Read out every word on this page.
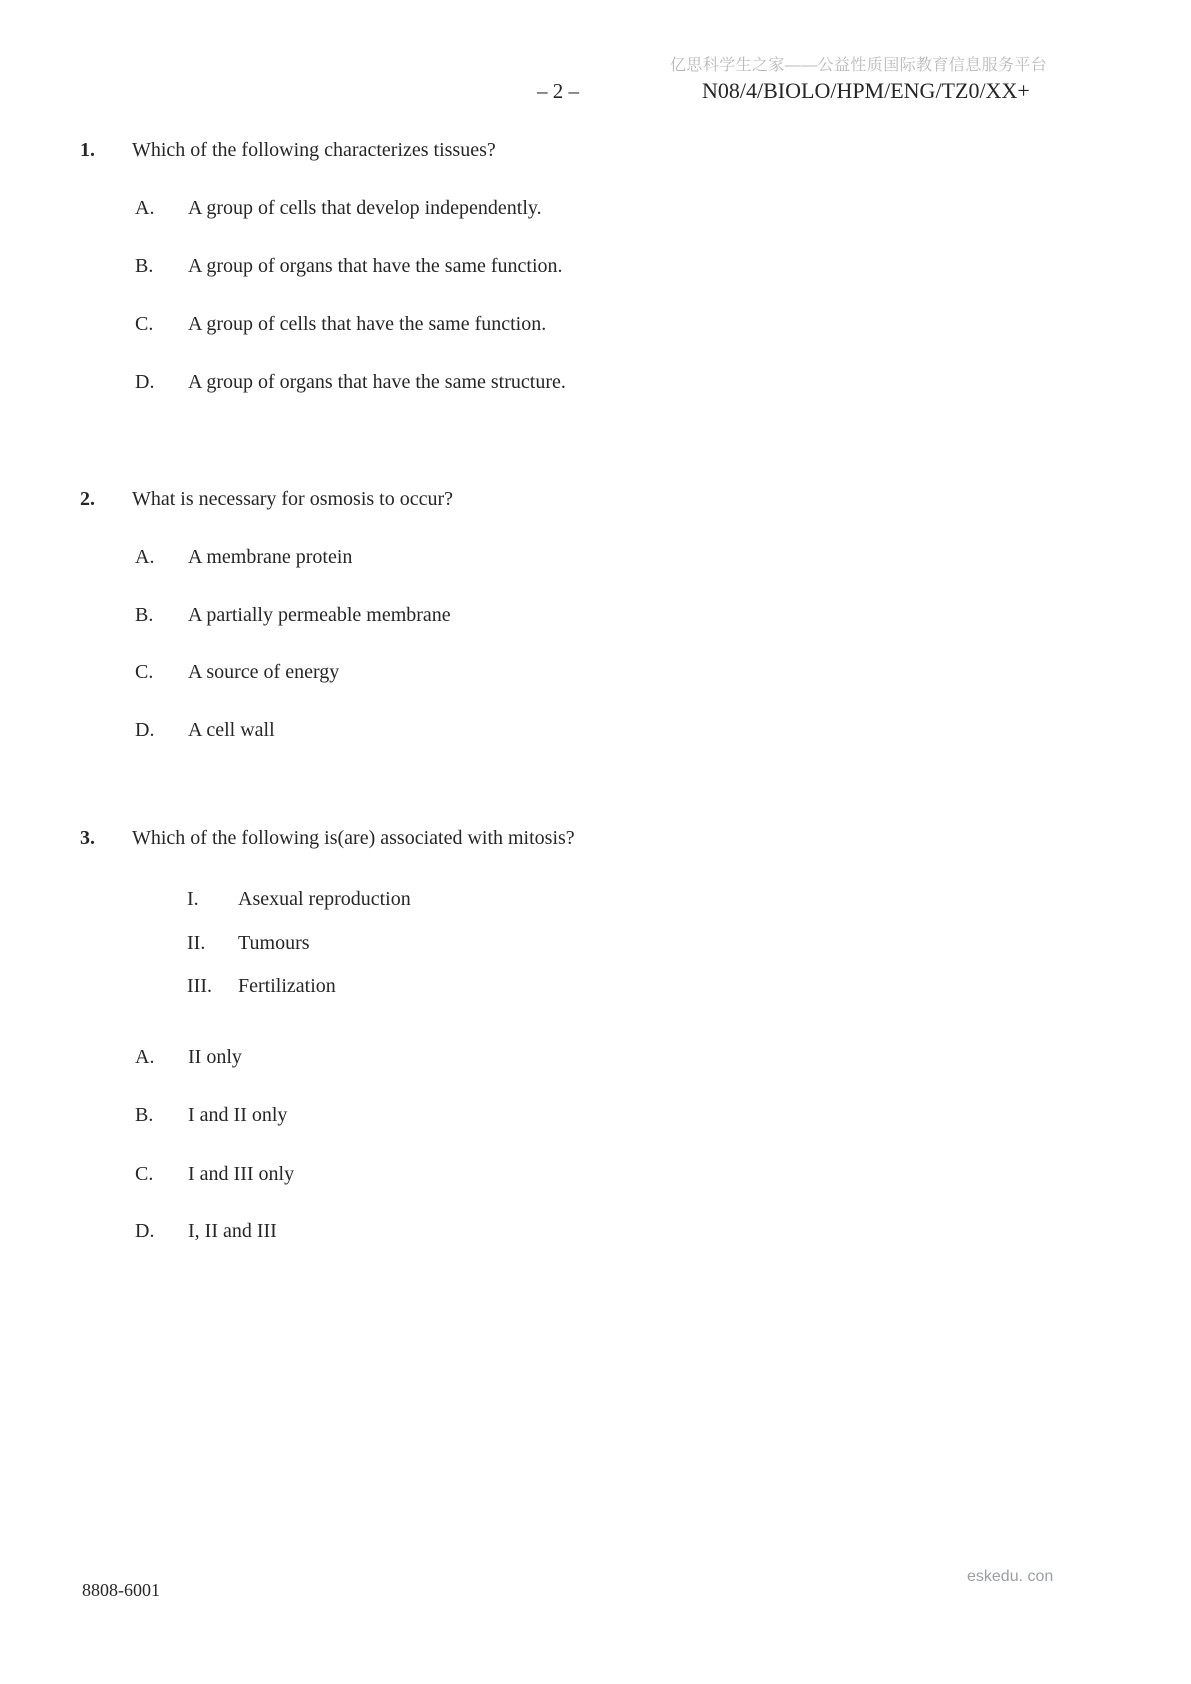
亿思科学生之家——公益性质国际教育信息服务平台
– 2 –	N08/4/BIOLO/HPM/ENG/TZ0/XX+
1. Which of the following characterizes tissues?
A. A group of cells that develop independently.
B. A group of organs that have the same function.
C. A group of cells that have the same function.
D. A group of organs that have the same structure.
2. What is necessary for osmosis to occur?
A. A membrane protein
B. A partially permeable membrane
C. A source of energy
D. A cell wall
3. Which of the following is(are) associated with mitosis?
I. Asexual reproduction
II. Tumours
III. Fertilization
A. II only
B. I and II only
C. I and III only
D. I, II and III
8808-6001
eskedu. con
